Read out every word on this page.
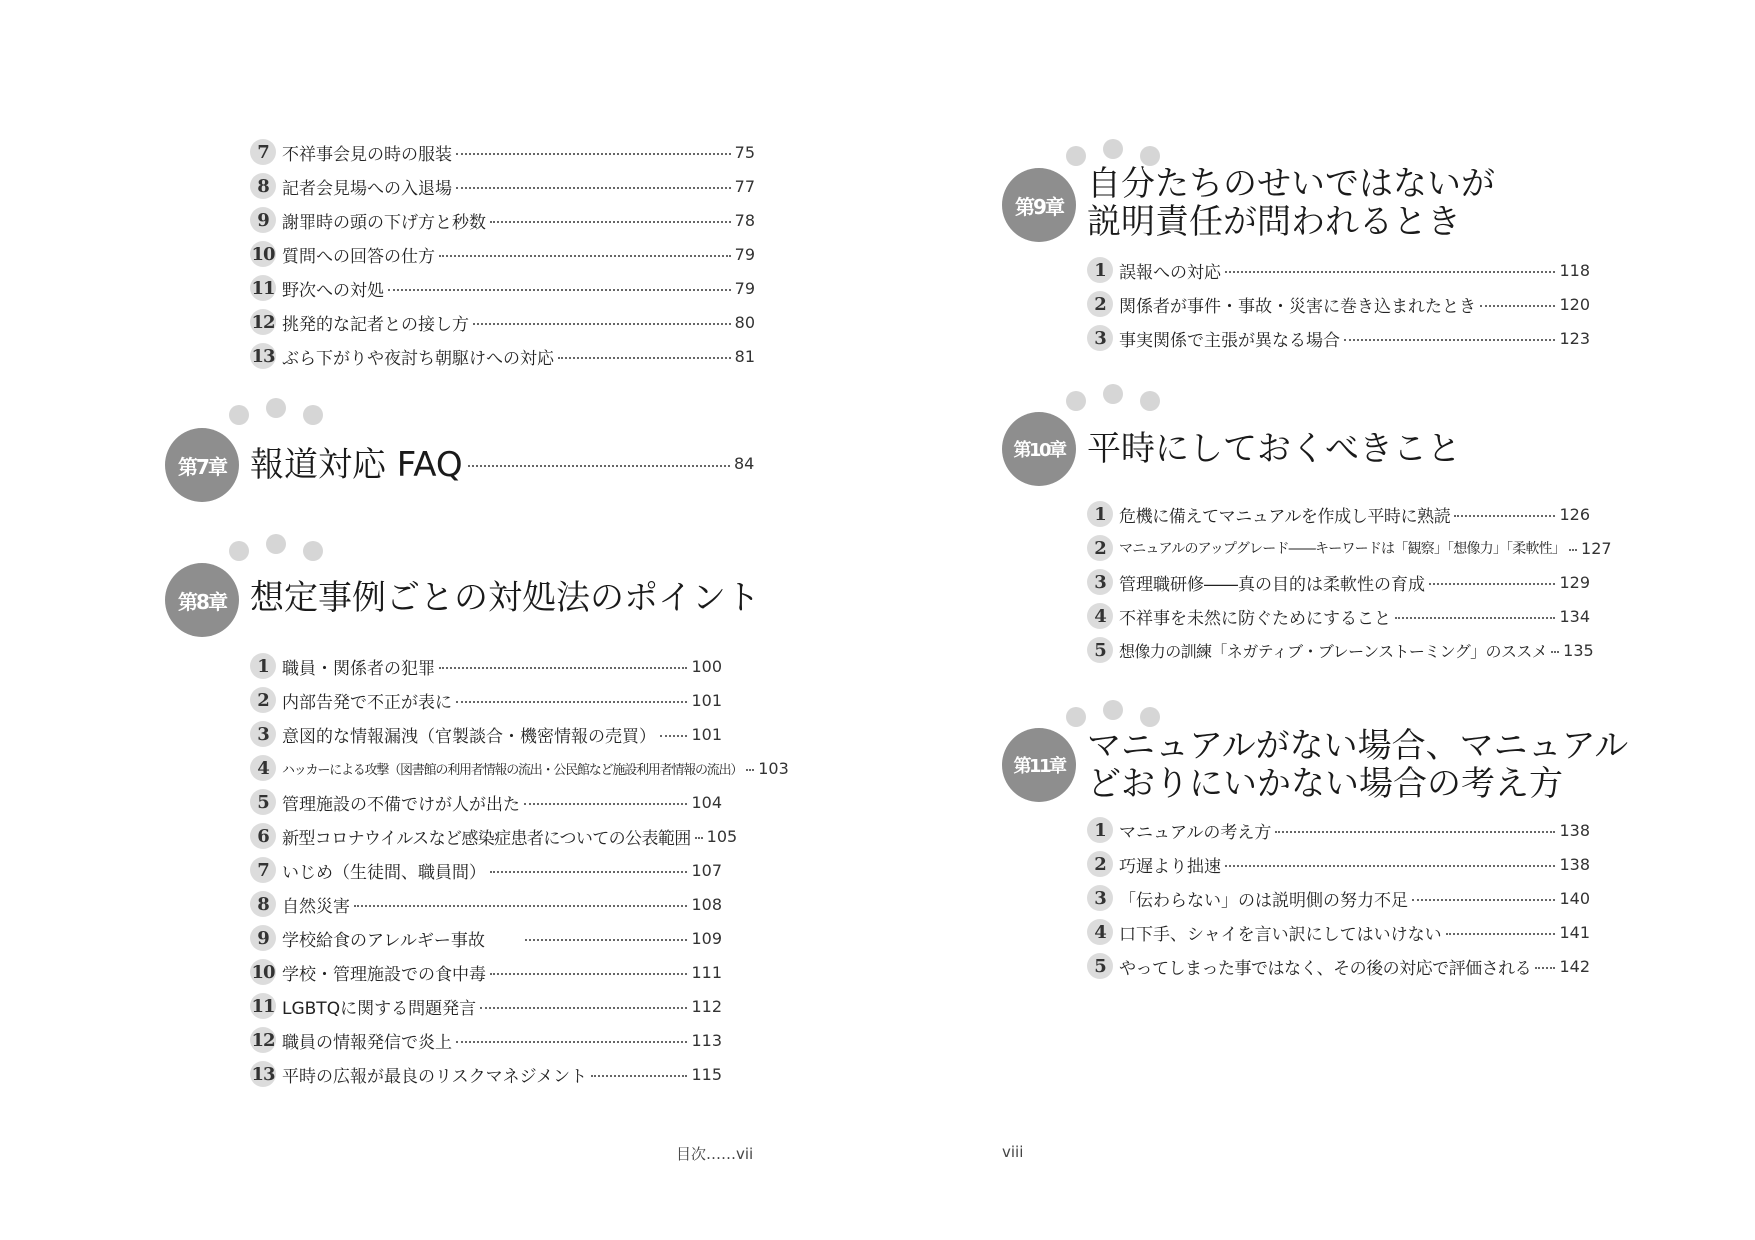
7 不祥事会見の時の服装	75
8 記者会見場への入退場	77
9 謝罪時の頭の下げ方と秒数	78
10 質問への回答の仕方	79
11 野次への対処	79
12 挑発的な記者との接し方	80
13 ぶら下がりや夜討ち朝駆けへの対応	81
第7章 報道対応 FAQ	84
第8章 想定事例ごとの対処法のポイント
1 職員・関係者の犯罪	100
2 内部告発で不正が表に	101
3 意図的な情報漏洩（官製談合・機密情報の売買） 101
4	ハッカーによる攻撃（図書館の利用者情報の流出・公民館など施設利用者情報の流出） 103
5 管理施設の不備でけが人が出た	104
6 新型コロナウイルスなど感染症患者についての公表範囲 105
7 いじめ（生徒間、職員間）	107
8 自然災害	108
9 学校給食のアレルギー事故	109
10 学校・管理施設での食中毒	111
11 LGBTQに関する問題発言	112
12 職員の情報発信で炎上	113
13 平時の広報が最良のリスクマネジメント	115
目次……vii
第9章
自分たちのせいではないが
説明責任が問われるとき
1 誤報への対応	118
2 関係者が事件・事故・災害に巻き込まれたとき	120
3 事実関係で主張が異なる場合	123
第10章 平時にしておくべきこと
1 危機に備えてマニュアルを作成し平時に熟読	126
2 マニュアルのアップグレード――キーワードは「観察」「想像力」「柔軟性」 127
3 管理職研修――真の目的は柔軟性の育成	129
4 不祥事を未然に防ぐためにすること	134
5 想像力の訓練「ネガティブ・ブレーンストーミング」のススメ 135
第11章
マニュアルがない場合、マニュアル
どおりにいかない場合の考え方
1 マニュアルの考え方	138
2 巧遅より拙速	138
3 「伝わらない」のは説明側の努力不足	140
4 口下手、シャイを言い訳にしてはいけない	141
5 やってしまった事ではなく、その後の対応で評価される 142
viii
